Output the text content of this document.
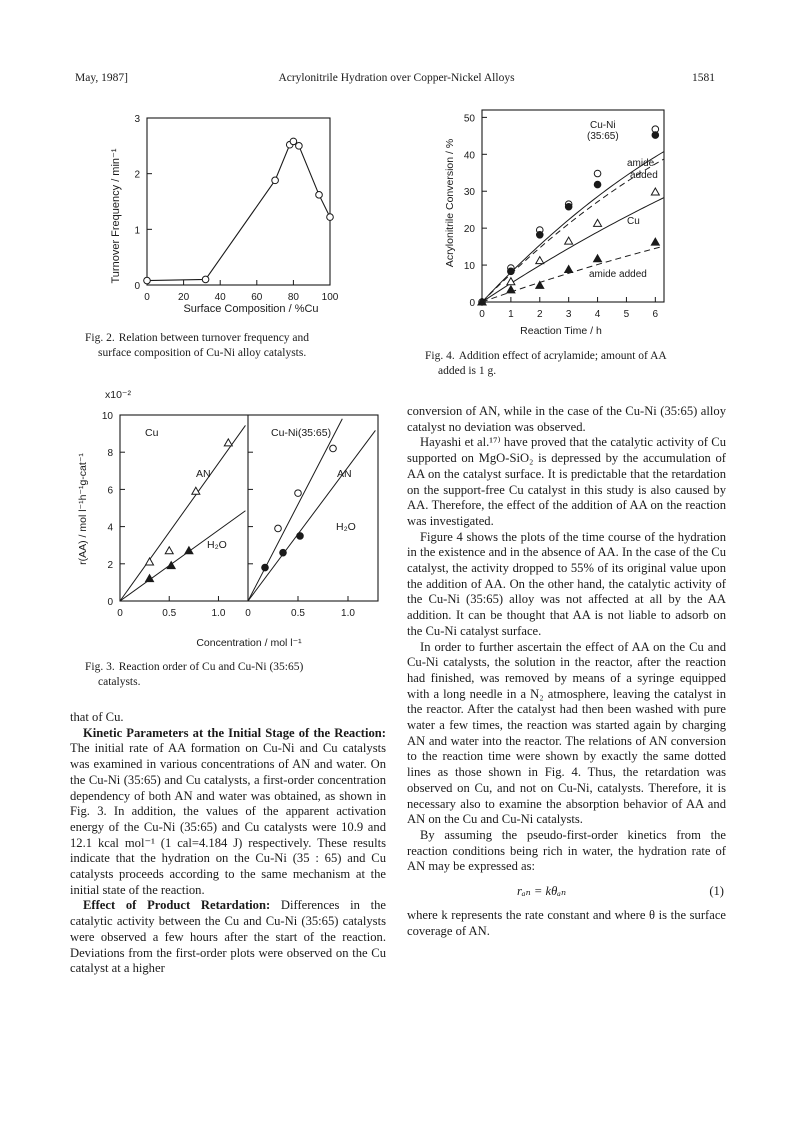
May, 1987]	Acrylonitrile Hydration over Copper-Nickel Alloys	1581
Turnover Frequency / min⁻¹
Surface Composition / %Cu
0	20	40	60	80 100
0
1
2
3
Fig. 2. Relation between turnover frequency and
surface composition of Cu-Ni alloy catalysts.
x10⁻²
r(AA) / mol l⁻¹h⁻¹g-cat⁻¹
Concentration / mol l⁻¹
Cu	Cu-Ni(35:65)
0	0.5	1.0
0
2
4
6
8
10
0	0.5	1.0
AN
H₂O
AN
H₂O
Fig. 3. Reaction order of Cu and Cu-Ni (35:65)
catalysts.
Acrylonitrile Conversion / %
Reaction Time / h
Cu-Ni
(35:65)
amide
added
Cu
amide added
0 1 2 3 4 5 6
0
10
20
30
40
50
Fig. 4. Addition effect of acrylamide; amount of AA
added is 1 g.

that of Cu.

Kinetic Parameters at the Initial Stage of the Reaction: The initial rate of AA formation on Cu-Ni and Cu catalysts was examined in various concentrations of AN and water. On the Cu-Ni (35:65) and Cu catalysts, a first-order concentration dependency of both AN and water was obtained, as shown in Fig. 3. In addition, the values of the apparent activation energy of the Cu-Ni (35:65) and Cu catalysts were 10.9 and 12.1 kcal mol⁻¹ (1 cal=4.184 J) respectively. These results indicate that the hydration on the Cu-Ni (35 : 65) and Cu catalysts proceeds according to the same mechanism at the initial state of the reaction.

Effect of Product Retardation: Differences in the catalytic activity between the Cu and Cu-Ni (35:65) catalysts were observed a few hours after the start of the reaction. Deviations from the first-order plots were observed on the Cu catalyst at a higher

conversion of AN, while in the case of the Cu-Ni (35:65) alloy catalyst no deviation was observed.

Hayashi et al.¹⁷⁾ have proved that the catalytic activity of Cu supported on MgO-SiO₂ is depressed by the accumulation of AA on the catalyst surface. It is predictable that the retardation on the support-free Cu catalyst in this study is also caused by AA. Therefore, the effect of the addition of AA on the reaction was investigated.

Figure 4 shows the plots of the time course of the hydration in the existence and in the absence of AA. In the case of the Cu catalyst, the activity dropped to 55% of its original value upon the addition of AA. On the other hand, the catalytic activity of the Cu-Ni (35:65) alloy was not affected at all by the AA addition. It can be thought that AA is not liable to adsorb on the Cu-Ni catalyst surface.

In order to further ascertain the effect of AA on the Cu and Cu-Ni catalysts, the solution in the reactor, after the reaction had finished, was removed by means of a syringe equipped with a long needle in a N₂ atmosphere, leaving the catalyst in the reactor. After the catalyst had then been washed with pure water a few times, the reaction was started again by charging AN and water into the reactor. The relations of AN conversion to the reaction time were shown by exactly the same dotted lines as those shown in Fig. 4. Thus, the retardation was observed on Cu, and not on Cu-Ni, catalysts. Therefore, it is necessary also to examine the absorption behavior of AA and AN on the Cu and Cu-Ni catalysts.

By assuming the pseudo-first-order kinetics from the reaction conditions being rich in water, the hydration rate of AN may be expressed as:

rₐₙ = kθₐₙ	(1)

where k represents the rate constant and where θ is the surface coverage of AN.
